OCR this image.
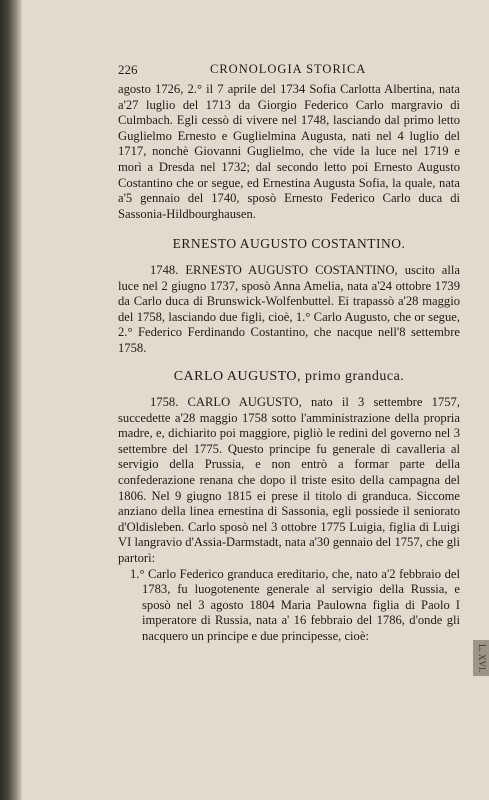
L. XVI.
226	CRONOLOGIA STORICA

agosto 1726, 2.° il 7 aprile del 1734 Sofia Carlotta Albertina, nata a'27 luglio del 1713 da Giorgio Federico Carlo margravio di Culmbach. Egli cessò di vivere nel 1748, lasciando dal primo letto Guglielmo Ernesto e Guglielmina Augusta, nati nel 4 luglio del 1717, nonchè Giovanni Guglielmo, che vide la luce nel 1719 e morì a Dresda nel 1732; dal secondo letto poi Ernesto Augusto Costantino che or segue, ed Ernestina Augusta Sofia, la quale, nata a'5 gennaio del 1740, sposò Ernesto Federico Carlo duca di Sassonia-Hildbourghausen.

ERNESTO AUGUSTO COSTANTINO.

1748. ERNESTO AUGUSTO COSTANTINO, uscito alla luce nel 2 giugno 1737, sposò Anna Amelia, nata a'24 ottobre 1739 da Carlo duca di Brunswick-Wolfenbuttel. Ei trapassò a'28 maggio del 1758, lasciando due figli, cioè, 1.° Carlo Augusto, che or segue, 2.° Federico Ferdinando Costantino, che nacque nell'8 settembre 1758.

CARLO AUGUSTO, primo granduca.

1758. CARLO AUGUSTO, nato il 3 settembre 1757, succedette a'28 maggio 1758 sotto l'amministrazione della propria madre, e, dichiarito poi maggiore, pigliò le redini del governo nel 3 settembre del 1775. Questo principe fu generale di cavalleria al servigio della Prussia, e non entrò a formar parte della confederazione renana che dopo il triste esito della campagna del 1806. Nel 9 giugno 1815 ei prese il titolo di granduca. Siccome anziano della linea ernestina di Sassonia, egli possiede il seniorato d'Oldisleben. Carlo sposò nel 3 ottobre 1775 Luigia, figlia di Luigi VI langravio d'Assia-Darmstadt, nata a'30 gennaio del 1757, che gli partorì:

1.° Carlo Federico granduca ereditario, che, nato a'2 febbraio del 1783, fu luogotenente generale al servigio della Russia, e sposò nel 3 agosto 1804 Maria Paulowna figlia di Paolo I imperatore di Russia, nata a' 16 febbraio del 1786, d'onde gli nacquero un principe e due principesse, cioè:
